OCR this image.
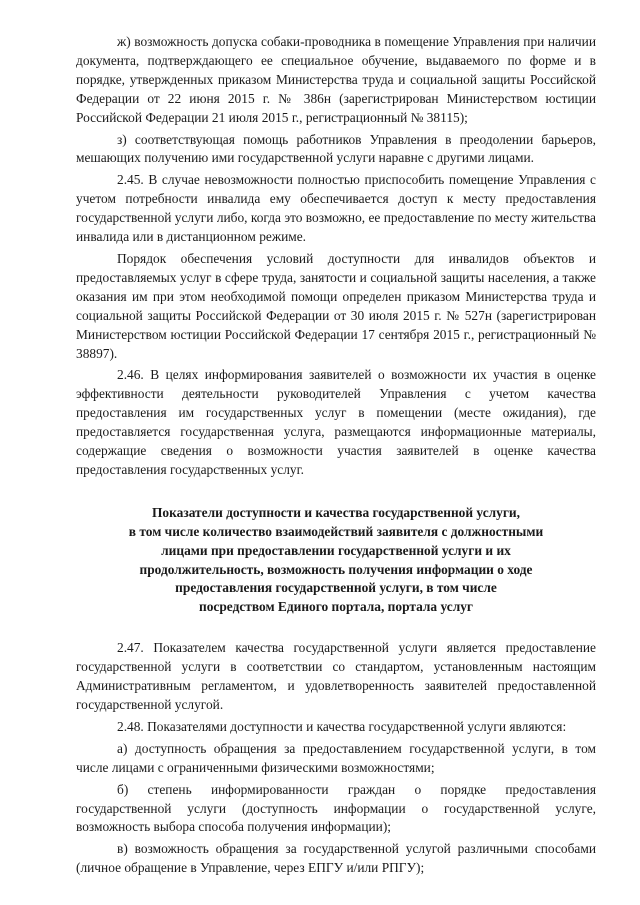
ж) возможность допуска собаки-проводника в помещение Управления при наличии документа, подтверждающего ее специальное обучение, выдаваемого по форме и в порядке, утвержденных приказом Министерства труда и социальной защиты Российской Федерации от 22 июня 2015 г. № 386н (зарегистрирован Министерством юстиции Российской Федерации 21 июля 2015 г., регистрационный № 38115);

з) соответствующая помощь работников Управления в преодолении барьеров, мешающих получению ими государственной услуги наравне с другими лицами.

2.45. В случае невозможности полностью приспособить помещение Управления с учетом потребности инвалида ему обеспечивается доступ к месту предоставления государственной услуги либо, когда это возможно, ее предоставление по месту жительства инвалида или в дистанционном режиме.

Порядок обеспечения условий доступности для инвалидов объектов и предоставляемых услуг в сфере труда, занятости и социальной защиты населения, а также оказания им при этом необходимой помощи определен приказом Министерства труда и социальной защиты Российской Федерации от 30 июля 2015 г. № 527н (зарегистрирован Министерством юстиции Российской Федерации 17 сентября 2015 г., регистрационный № 38897).

2.46. В целях информирования заявителей о возможности их участия в оценке эффективности деятельности руководителей Управления с учетом качества предоставления им государственных услуг в помещении (месте ожидания), где предоставляется государственная услуга, размещаются информационные материалы, содержащие сведения о возможности участия заявителей в оценке качества предоставления государственных услуг.

Показатели доступности и качества государственной услуги,
в том числе количество взаимодействий заявителя с должностными
лицами при предоставлении государственной услуги и их
продолжительность, возможность получения информации о ходе
предоставления государственной услуги, в том числе
посредством Единого портала, портала услуг

2.47. Показателем качества государственной услуги является предоставление государственной услуги в соответствии со стандартом, установленным настоящим Административным регламентом, и удовлетворенность заявителей предоставленной государственной услугой.

2.48. Показателями доступности и качества государственной услуги являются:

а) доступность обращения за предоставлением государственной услуги, в том числе лицами с ограниченными физическими возможностями;

б) степень информированности граждан о порядке предоставления государственной услуги (доступность информации о государственной услуге, возможность выбора способа получения информации);

в) возможность обращения за государственной услугой различными способами (личное обращение в Управление, через ЕПГУ и/или РПГУ);
